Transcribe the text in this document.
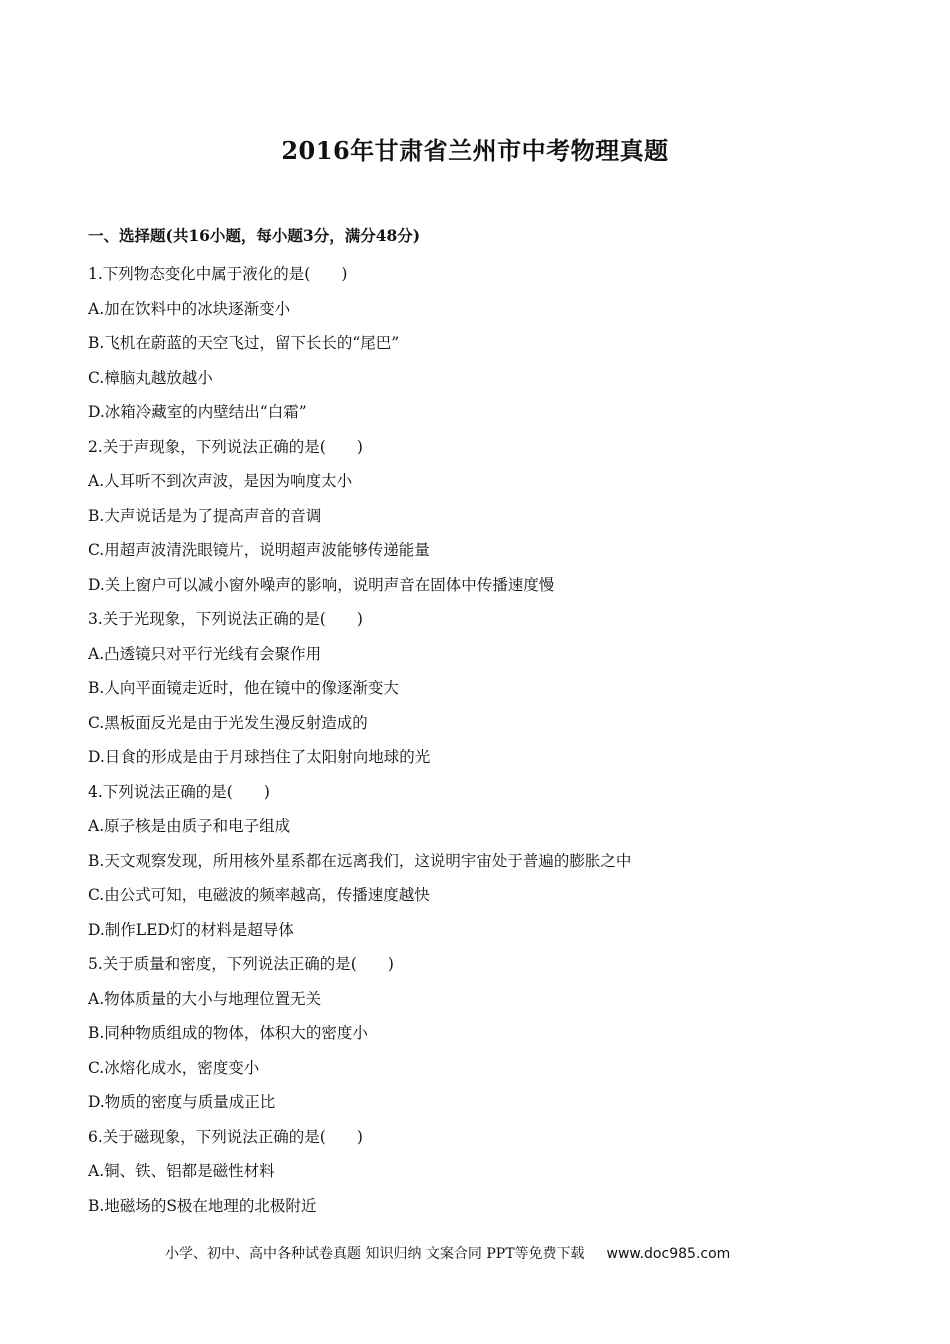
2016年甘肃省兰州市中考物理真题
一、选择题(共16小题，每小题3分，满分48分)
1.下列物态变化中属于液化的是(　　)
A.加在饮料中的冰块逐渐变小
B.飞机在蔚蓝的天空飞过，留下长长的“尾巴”
C.樟脑丸越放越小
D.冰箱冷藏室的内壁结出“白霜”
2.关于声现象，下列说法正确的是(　　)
A.人耳听不到次声波，是因为响度太小
B.大声说话是为了提高声音的音调
C.用超声波清洗眼镜片，说明超声波能够传递能量
D.关上窗户可以减小窗外噪声的影响，说明声音在固体中传播速度慢
3.关于光现象，下列说法正确的是(　　)
A.凸透镜只对平行光线有会聚作用
B.人向平面镜走近时，他在镜中的像逐渐变大
C.黑板面反光是由于光发生漫反射造成的
D.日食的形成是由于月球挡住了太阳射向地球的光
4.下列说法正确的是(　　)
A.原子核是由质子和电子组成
B.天文观察发现，所用核外星系都在远离我们，这说明宇宙处于普遍的膨胀之中
C.由公式可知，电磁波的频率越高，传播速度越快
D.制作LED灯的材料是超导体
5.关于质量和密度，下列说法正确的是(　　)
A.物体质量的大小与地理位置无关
B.同种物质组成的物体，体积大的密度小
C.冰熔化成水，密度变小
D.物质的密度与质量成正比
6.关于磁现象，下列说法正确的是(　　)
A.铜、铁、铝都是磁性材料
B.地磁场的S极在地理的北极附近
小学、初中、高中各种试卷真题 知识归纳 文案合同 PPT等免费下载 www.doc985.com
